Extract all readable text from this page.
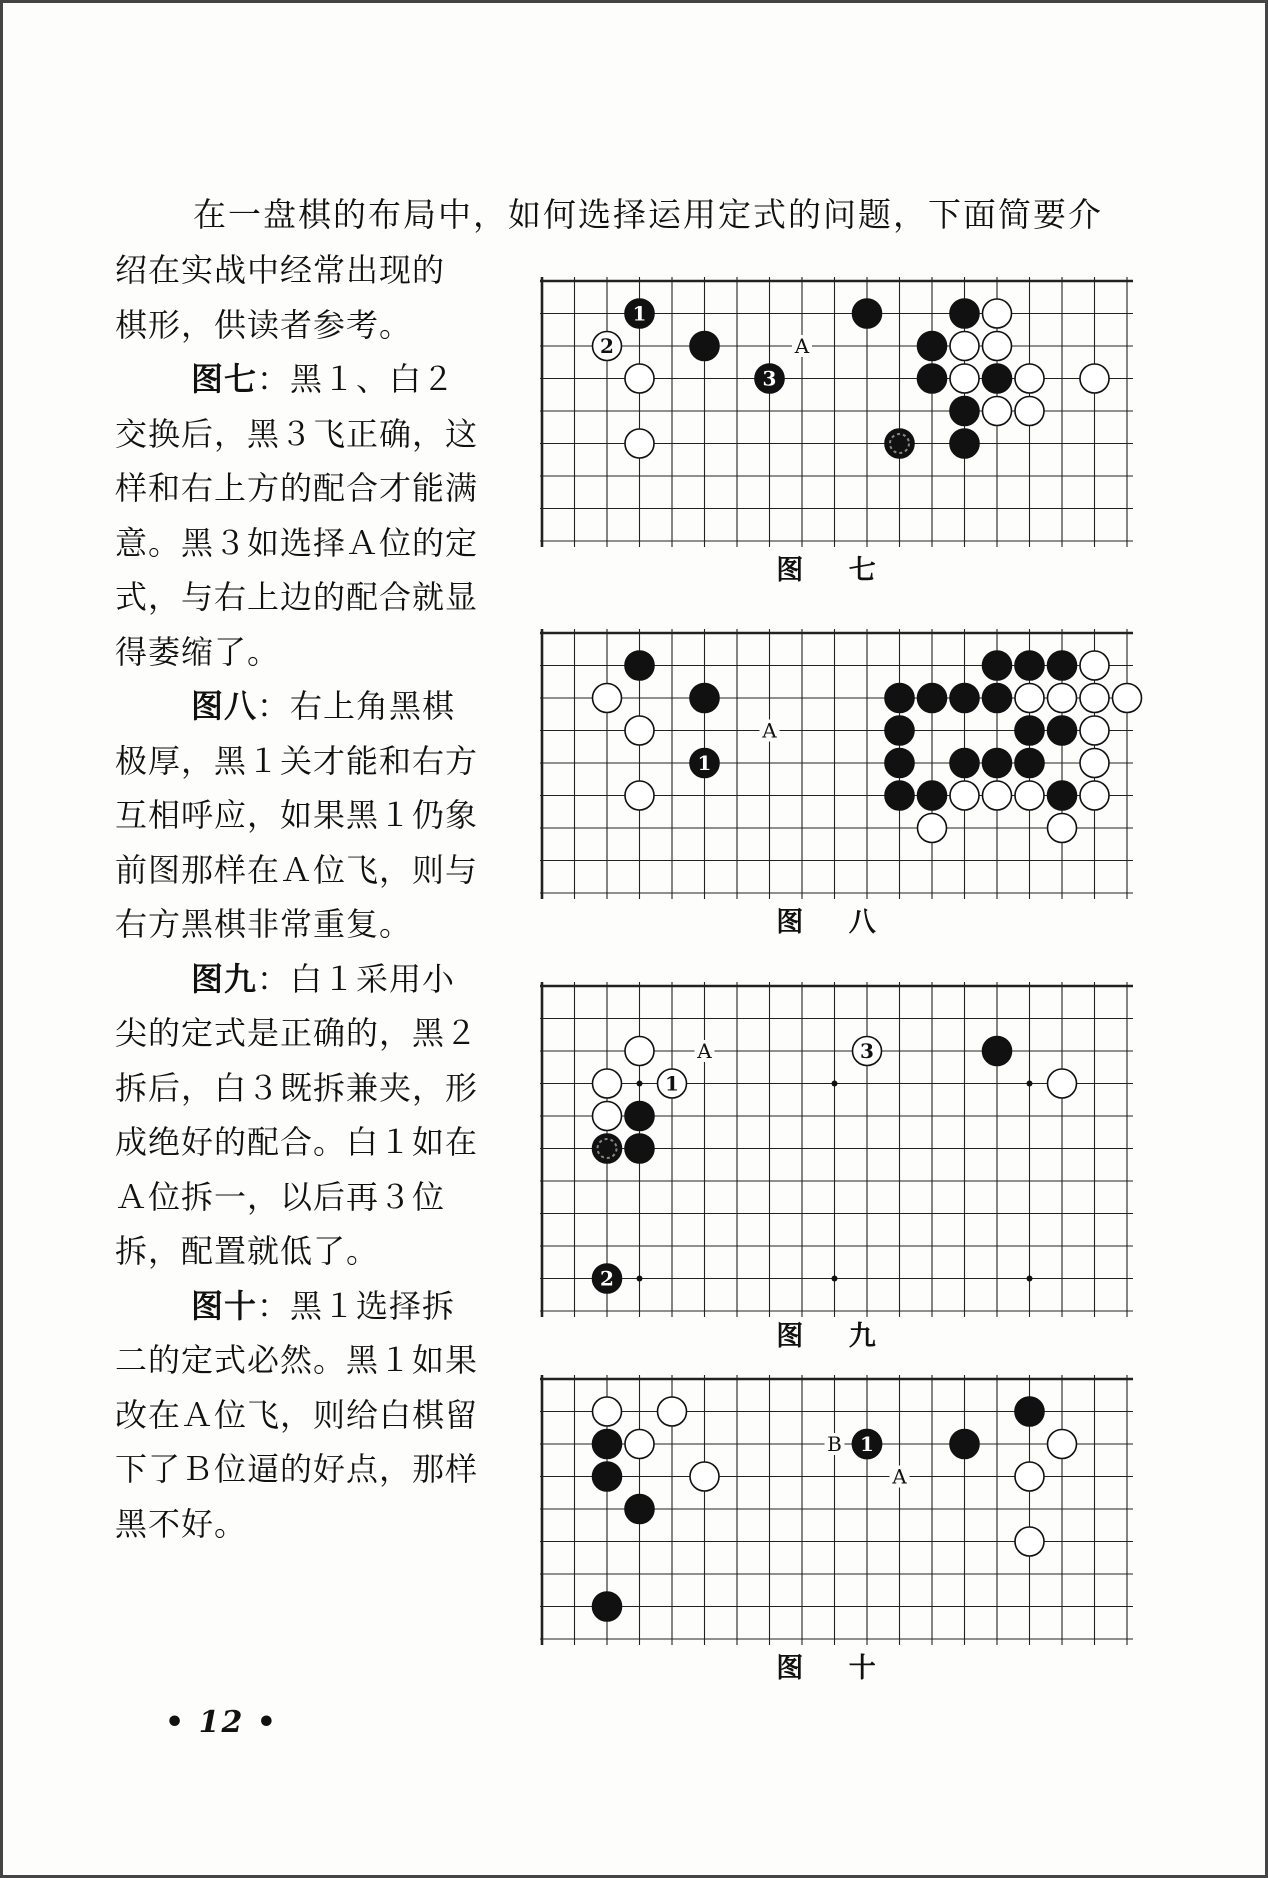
在一盘棋的布局中，如何选择运用定式的问题，下面简要介

绍在实战中经常出现的

棋形，供读者参考。

图七：黑１、白２交换后，黑３飞正确，这样和右上方的配合才能满意。黑３如选择Ａ位的定式，与右上边的配合就显得萎缩了。

图八：右上角黑棋极厚，黑１关才能和右方互相呼应，如果黑１仍象前图那样在Ａ位飞，则与右方黑棋非常重复。

图九：白１采用小尖的定式是正确的，黑２拆后，白３既拆兼夹，形成绝好的配合。白１如在Ａ位拆一，以后再３位拆，配置就低了。

图十：黑１选择拆二的定式必然。黑１如果改在Ａ位飞，则给白棋留下了Ｂ位逼的好点，那样黑不好。

1
2
3
A
图 七
1
A
图 八
1
2
3
A
图 九
1
B
A
图 十
• 12 •
